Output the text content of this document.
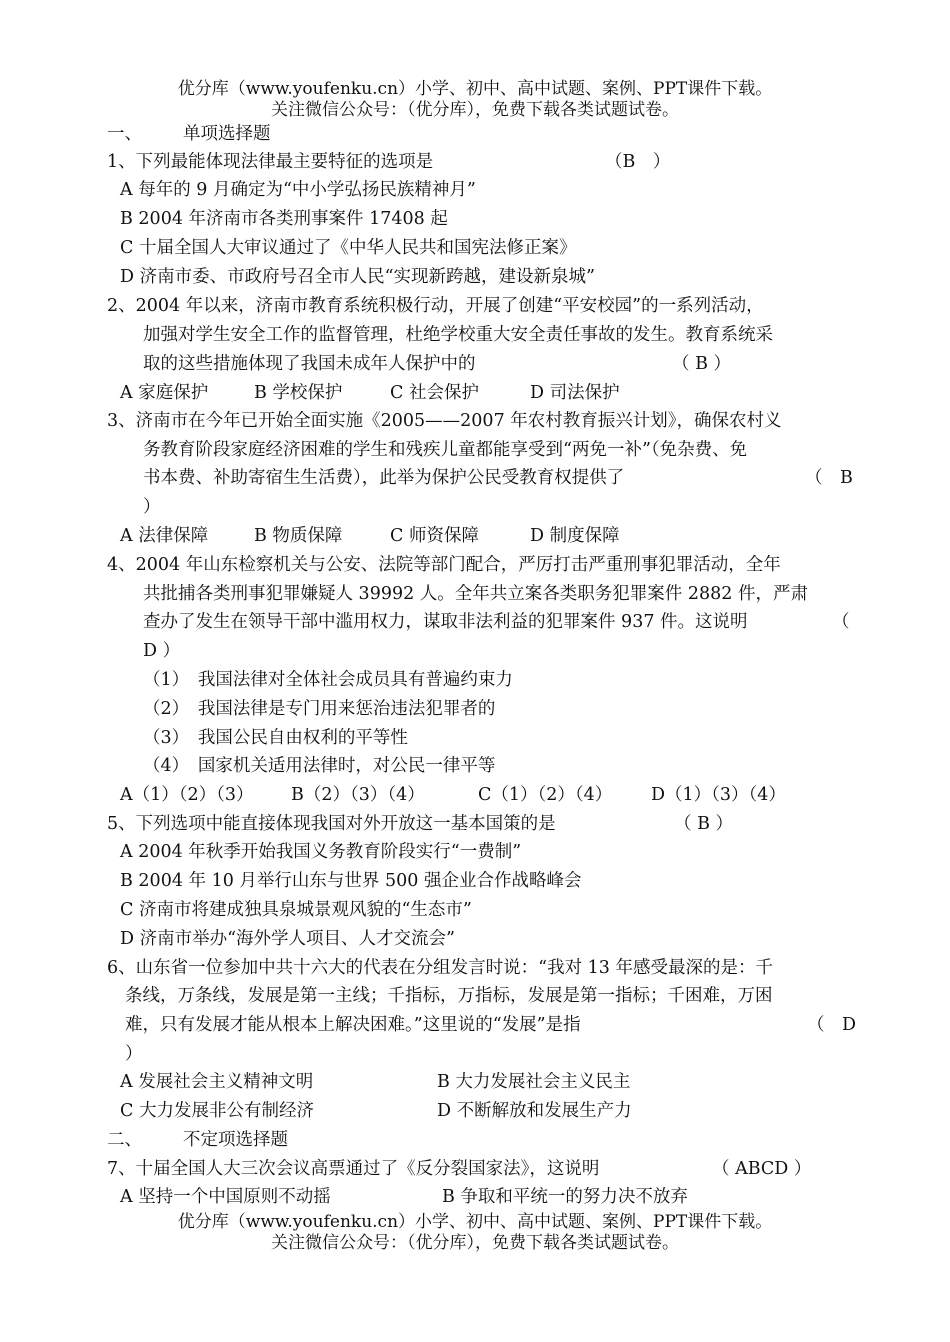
优分库（www.youfenku.cn）小学、初中、高中试题、案例、PPT课件下载。
关注微信公众号：（优分库），免费下载各类试题试卷。
一、 单项选择题
1、下列最能体现法律最主要特征的选项是	（B　）
A 每年的 9 月确定为“中小学弘扬民族精神月”
B 2004 年济南市各类刑事案件 17408 起
C 十届全国人大审议通过了《中华人民共和国宪法修正案》
D 济南市委、市政府号召全市人民“实现新跨越，建设新泉城”
2、2004 年以来，济南市教育系统积极行动，开展了创建“平安校园”的一系列活动，
加强对学生安全工作的监督管理，杜绝学校重大安全责任事故的发生。教育系统采
取的这些措施体现了我国未成年人保护中的	（ B ）
A 家庭保护	B 学校保护	C 社会保护	D 司法保护
3、济南市在今年已开始全面实施《2005——2007 年农村教育振兴计划》，确保农村义
务教育阶段家庭经济困难的学生和残疾儿童都能享受到“两免一补”（免杂费、免
书本费、补助寄宿生生活费），此举为保护公民受教育权提供了	（　B
）
A 法律保障	B 物质保障	C 师资保障	D 制度保障
4、2004 年山东检察机关与公安、法院等部门配合，严厉打击严重刑事犯罪活动，全年
共批捕各类刑事犯罪嫌疑人 39992 人。全年共立案各类职务犯罪案件 2882 件，严肃
查办了发生在领导干部中滥用权力，谋取非法利益的犯罪案件 937 件。这说明	（
D ）
（1）　我国法律对全体社会成员具有普遍约束力
（2）　我国法律是专门用来惩治违法犯罪者的
（3）　我国公民自由权利的平等性
（4）　国家机关适用法律时，对公民一律平等
A（1）（2）（3） B（2）（3）（4）	C（1）（2）（4） D（1）（3）（4）
5、下列选项中能直接体现我国对外开放这一基本国策的是	（ B ）
A 2004 年秋季开始我国义务教育阶段实行“一费制”
B 2004 年 10 月举行山东与世界 500 强企业合作战略峰会
C 济南市将建成独具泉城景观风貌的“生态市”
D 济南市举办“海外学人项目、人才交流会”
6、山东省一位参加中共十六大的代表在分组发言时说：“我对 13 年感受最深的是：千
条线，万条线，发展是第一主线；千指标，万指标，发展是第一指标；千困难，万困
难，只有发展才能从根本上解决困难。”这里说的“发展”是指	（　D
）
A 发展社会主义精神文明	B 大力发展社会主义民主
C 大力发展非公有制经济	D 不断解放和发展生产力
二、 不定项选择题
7、十届全国人大三次会议高票通过了《反分裂国家法》，这说明	（ ABCD ）
A 坚持一个中国原则不动摇	B 争取和平统一的努力决不放弃
优分库（www.youfenku.cn）小学、初中、高中试题、案例、PPT课件下载。
关注微信公众号：（优分库），免费下载各类试题试卷。
